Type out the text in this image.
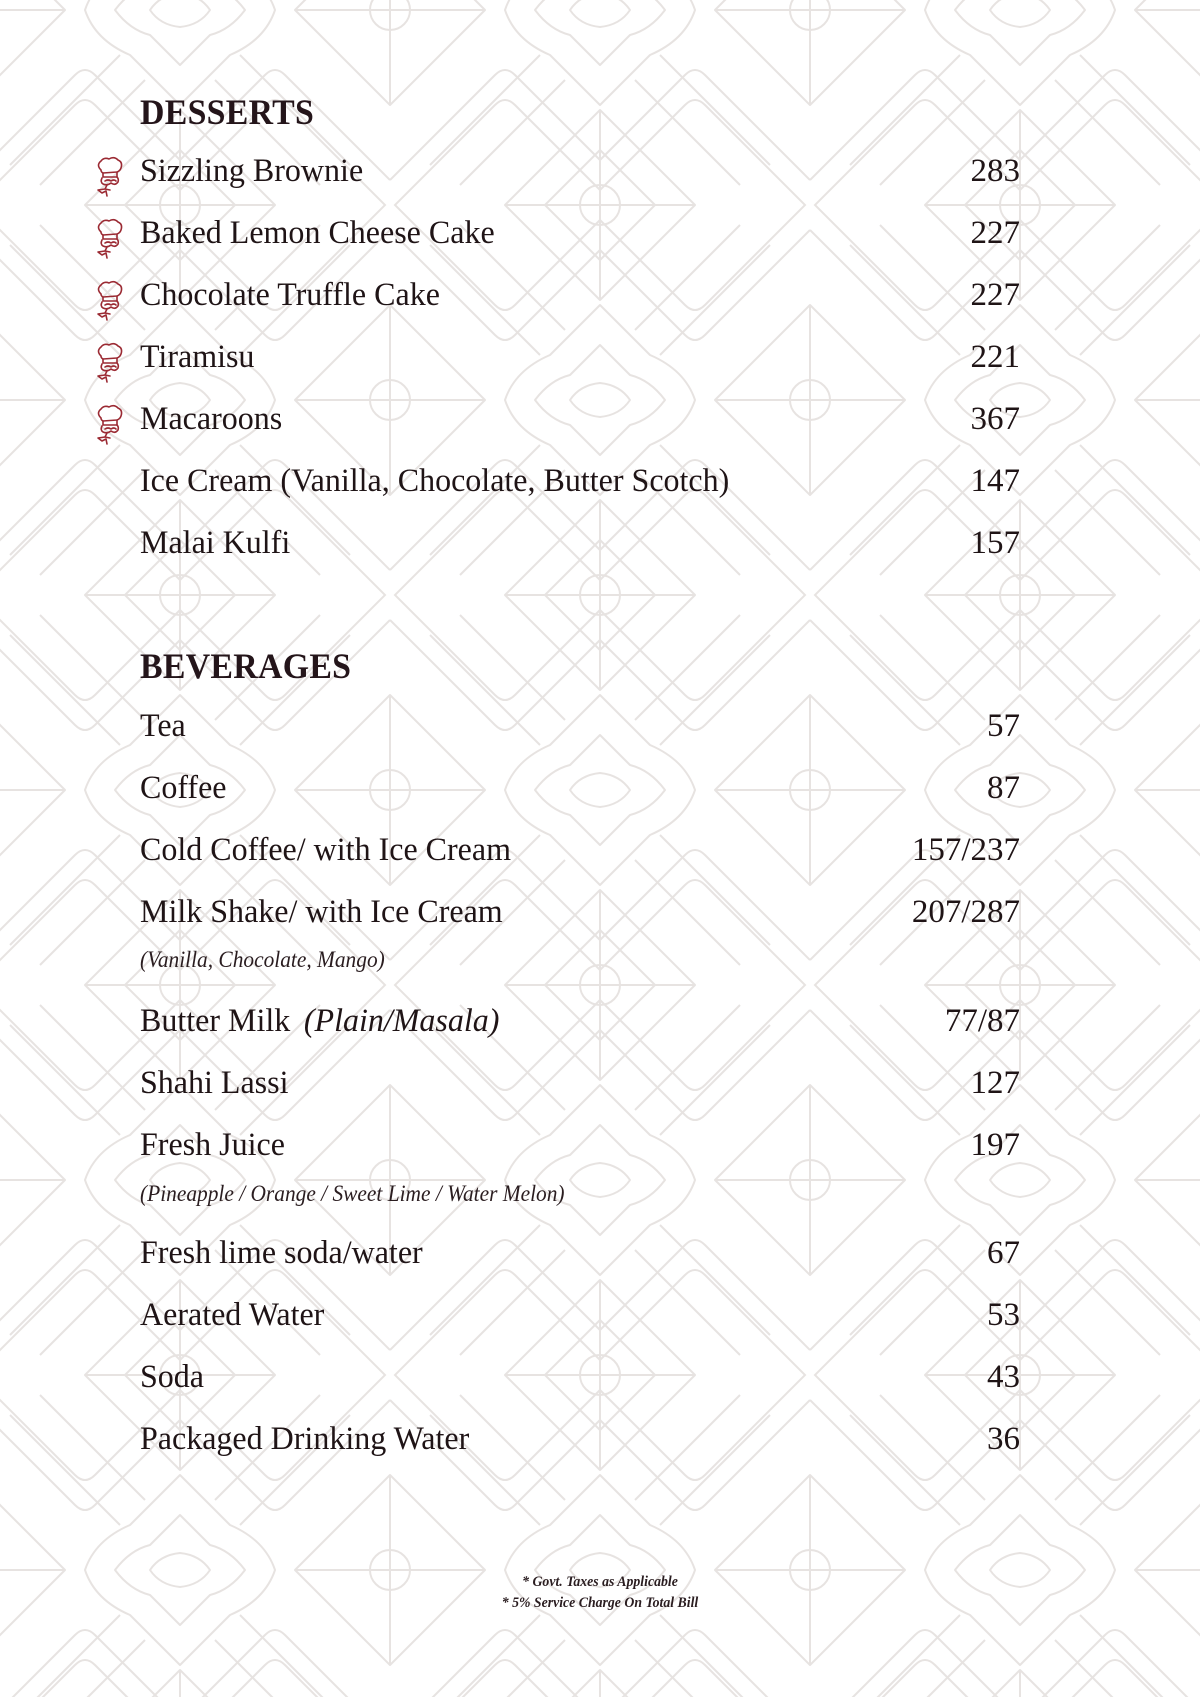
DESSERTS
Sizzling Brownie	283
Baked Lemon Cheese Cake	227
Chocolate Truffle Cake	227
Tiramisu	221
Macaroons	367
Ice Cream (Vanilla, Chocolate, Butter Scotch)	147
Malai Kulfi	157
BEVERAGES
Tea	57
Coffee	87
Cold Coffee/ with Ice Cream	157/237
Milk Shake/ with Ice Cream	207/287
(Vanilla, Chocolate, Mango)
Butter Milk (Plain/Masala)	77/87
Shahi Lassi	127
Fresh Juice	197
(Pineapple / Orange / Sweet Lime / Water Melon)
Fresh lime soda/water	67
Aerated Water	53
Soda	43
Packaged Drinking Water	36
* Govt. Taxes as Applicable
* 5% Service Charge On Total Bill
